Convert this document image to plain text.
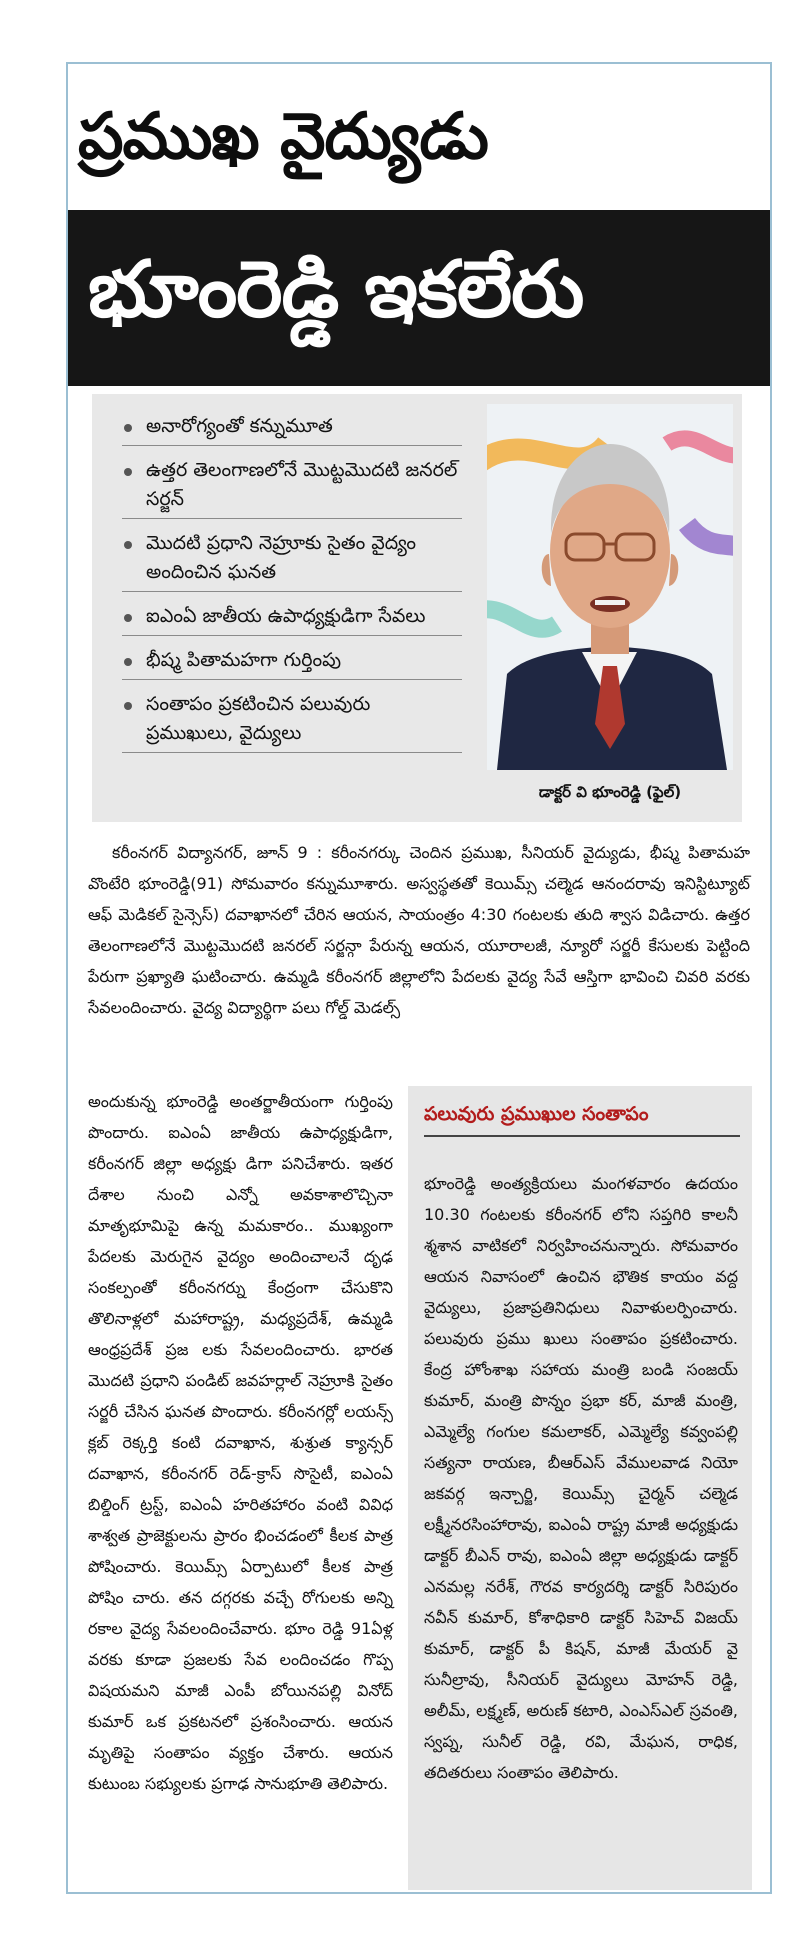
ప్రముఖ వైద్యుడు
భూంరెడ్డి ఇకలేరు
అనారోగ్యంతో కన్నుమూత
ఉత్తర తెలంగాణలోనే మొట్టమొదటి జనరల్ సర్జన్
మొదటి ప్రధాని నెహ్రూకు సైతం వైద్యం అందించిన ఘనత
ఐఎంఏ జాతీయ ఉపాధ్యక్షుడిగా సేవలు
భీష్మ పితామహగా గుర్తింపు
సంతాపం ప్రకటించిన పలువురు ప్రముఖులు, వైద్యులు
డాక్టర్ వి భూంరెడ్డి (ఫైల్)
కరీంనగర్ విద్యానగర్, జూన్ 9 : కరీంనగర్కు చెందిన ప్రముఖ, సీనియర్ వైద్యుడు, భీష్మ పితామహ వొంటేరి భూంరెడ్డి(91) సోమవారం కన్నుమూశారు. అస్వస్థతతో కెయిమ్స్ చల్మెడ ఆనందరావు ఇనిస్టిట్యూట్ ఆఫ్ మెడికల్ సైన్సెస్) దవాఖానలో చేరిన ఆయన, సాయంత్రం 4:30 గంటలకు తుది శ్వాస విడిచారు. ఉత్తర తెలంగాణలోనే మొట్టమొదటి జనరల్ సర్జన్గా పేరున్న ఆయన, యూరాలజీ, న్యూరో సర్జరీ కేసులకు పెట్టింది పేరుగా ప్రఖ్యాతి ఘటించారు. ఉమ్మడి కరీంనగర్ జిల్లాలోని పేదలకు వైద్య సేవే ఆస్తిగా భావించి చివరి వరకు సేవలందించారు. వైద్య విద్యార్థిగా పలు గోల్డ్ మెడల్స్

అందుకున్న భూంరెడ్డి అంతర్జాతీయంగా గుర్తింపు పొందారు. ఐఎంఏ జాతీయ ఉపాధ్యక్షుడిగా, కరీంనగర్ జిల్లా అధ్యక్షు డిగా పనిచేశారు. ఇతర దేశాల నుంచి ఎన్నో అవకాశాలొచ్చినా మాతృభూమిపై ఉన్న మమకారం.. ముఖ్యంగా పేదలకు మెరుగైన వైద్యం అందించాలనే దృఢ సంకల్పంతో కరీంనగర్ను కేంద్రంగా చేసుకొని తొలినాళ్లలో మహారాష్ట్ర, మధ్యప్రదేశ్, ఉమ్మడి ఆంధ్రప్రదేశ్ ప్రజ లకు సేవలందించారు. భారత మొదటి ప్రధాని పండిట్ జవహర్లాల్ నెహ్రూకి సైతం సర్జరీ చేసిన ఘనత పొందారు. కరీంనగర్లో లయన్స్ క్లబ్ రెక్కర్తి కంటి దవాఖాన, శుశ్రుత క్యాన్సర్ దవాఖాన, కరీంనగర్ రెడ్-క్రాస్ సొసైటీ, ఐఎంఏ బిల్డింగ్ ట్రస్ట్, ఐఎంఏ హరితహారం వంటి వివిధ శాశ్వత ప్రాజెక్టులను ప్రారం భించడంలో కీలక పాత్ర పోషించారు. కెయిమ్స్ ఏర్పాటులో కీలక పాత్ర పోషిం చారు. తన దగ్గరకు వచ్చే రోగులకు అన్ని రకాల వైద్య సేవలందించేవారు. భూం రెడ్డి 91ఏళ్ల వరకు కూడా ప్రజలకు సేవ లందించడం గొప్ప విషయమని మాజీ ఎంపీ బోయినపల్లి వినోద్ కుమార్ ఒక ప్రకటనలో ప్రశంసించారు. ఆయన మృతిపై సంతాపం వ్యక్తం చేశారు. ఆయన కుటుంబ సభ్యులకు ప్రగాఢ సానుభూతి తెలిపారు.

పలువురు ప్రముఖుల సంతాపం
భూంరెడ్డి అంత్యక్రియలు మంగళవారం ఉదయం 10.30 గంటలకు కరీంనగర్ లోని సప్తగిరి కాలనీ శ్మశాన వాటికలో నిర్వహించనున్నారు. సోమవారం ఆయన నివాసంలో ఉంచిన భౌతిక కాయం వద్ద వైద్యులు, ప్రజాప్రతినిధులు నివాళులర్పించారు. పలువురు ప్రము ఖులు సంతాపం ప్రకటించారు. కేంద్ర హోంశాఖ సహాయ మంత్రి బండి సంజయ్ కుమార్, మంత్రి పొన్నం ప్రభా కర్, మాజీ మంత్రి, ఎమ్మెల్యే గంగుల కమలాకర్, ఎమ్మెల్యే కవ్వంపల్లి సత్యనా రాయణ, బీఆర్ఎస్ వేములవాడ నియో జకవర్గ ఇన్చార్జి, కెయిమ్స్ చైర్మన్ చల్మెడ లక్ష్మీనరసింహారావు, ఐఎంఏ రాష్ట్ర మాజీ అధ్యక్షుడు డాక్టర్ బీఎన్ రావు, ఐఎంఏ జిల్లా అధ్యక్షుడు డాక్టర్ ఎనమల్ల నరేశ్, గౌరవ కార్యదర్శి డాక్టర్ సిరిపురం నవీన్ కుమార్, కోశాధికారి డాక్టర్ సిహెచ్ విజయ్ కుమార్, డాక్టర్ పీ కిషన్, మాజీ మేయర్ వై సునీల్రావు, సీనియర్ వైద్యులు మోహన్ రెడ్డి, అలీమ్, లక్ష్మణ్, అరుణ్ కటారి, ఎంఎస్ఎల్ స్రవంతి, స్వప్న, సునీల్ రెడ్డి, రవి, మేఘన, రాధిక, తదితరులు సంతాపం తెలిపారు.
